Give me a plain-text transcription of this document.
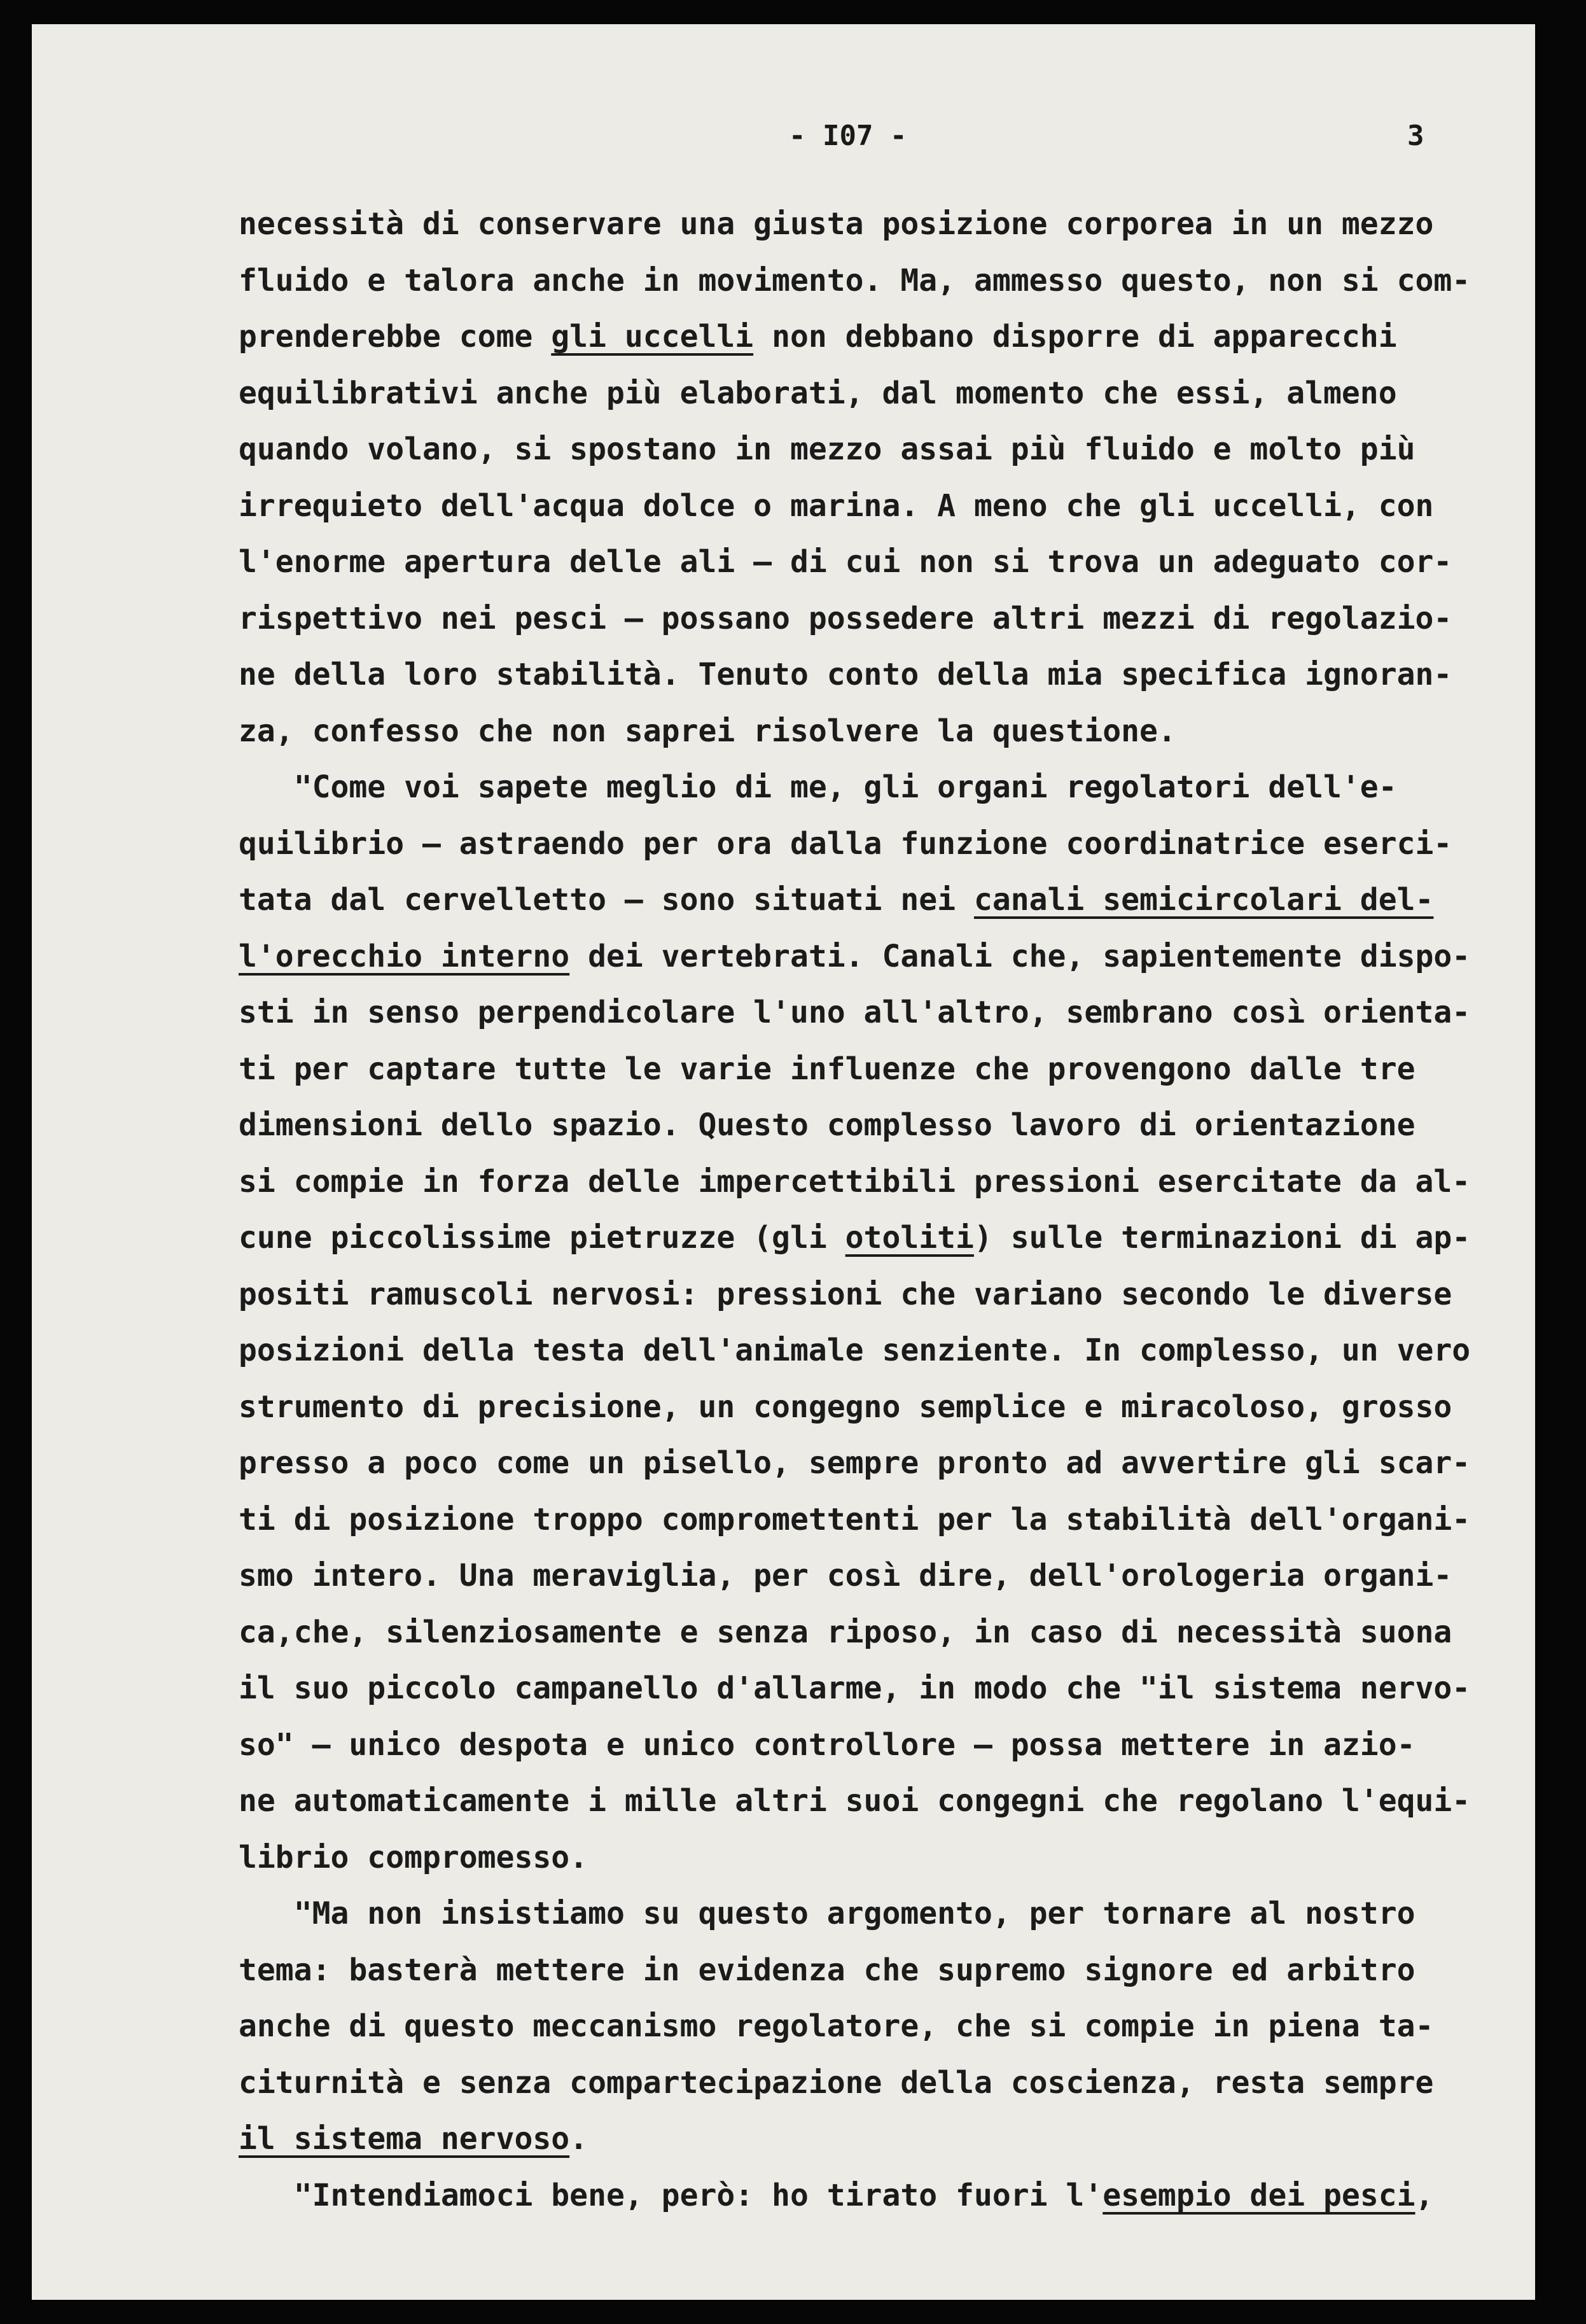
- I07 -	3
necessità di conservare una giusta posizione corporea in un mezzo
fluido e talora anche in movimento. Ma, ammesso questo, non si com-
prenderebbe come gli uccelli non debbano disporre di apparecchi
equilibrativi anche più elaborati, dal momento che essi, almeno
quando volano, si spostano in mezzo assai più fluido e molto più
irrequieto dell'acqua dolce o marina. A meno che gli uccelli, con
l'enorme apertura delle ali — di cui non si trova un adeguato cor-
rispettivo nei pesci — possano possedere altri mezzi di regolazio-
ne della loro stabilità. Tenuto conto della mia specifica ignoran-
za, confesso che non saprei risolvere la questione.
"Come voi sapete meglio di me, gli organi regolatori dell'e-
quilibrio — astraendo per ora dalla funzione coordinatrice eserci-
tata dal cervelletto — sono situati nei canali semicircolari del-
l'orecchio interno dei vertebrati. Canali che, sapientemente dispo-
sti in senso perpendicolare l'uno all'altro, sembrano così orienta-
ti per captare tutte le varie influenze che provengono dalle tre
dimensioni dello spazio. Questo complesso lavoro di orientazione
si compie in forza delle impercettibili pressioni esercitate da al-
cune piccolissime pietruzze (gli otoliti) sulle terminazioni di ap-
positi ramuscoli nervosi: pressioni che variano secondo le diverse
posizioni della testa dell'animale senziente. In complesso, un vero
strumento di precisione, un congegno semplice e miracoloso, grosso
presso a poco come un pisello, sempre pronto ad avvertire gli scar-
ti di posizione troppo compromettenti per la stabilità dell'organi-
smo intero. Una meraviglia, per così dire, dell'orologeria organi-
ca,che, silenziosamente e senza riposo, in caso di necessità suona
il suo piccolo campanello d'allarme, in modo che "il sistema nervo-
so" — unico despota e unico controllore — possa mettere in azio-
ne automaticamente i mille altri suoi congegni che regolano l'equi-
librio compromesso.
"Ma non insistiamo su questo argomento, per tornare al nostro
tema: basterà mettere in evidenza che supremo signore ed arbitro
anche di questo meccanismo regolatore, che si compie in piena ta-
citurnità e senza compartecipazione della coscienza, resta sempre
il sistema nervoso.
"Intendiamoci bene, però: ho tirato fuori l'esempio dei pesci,
